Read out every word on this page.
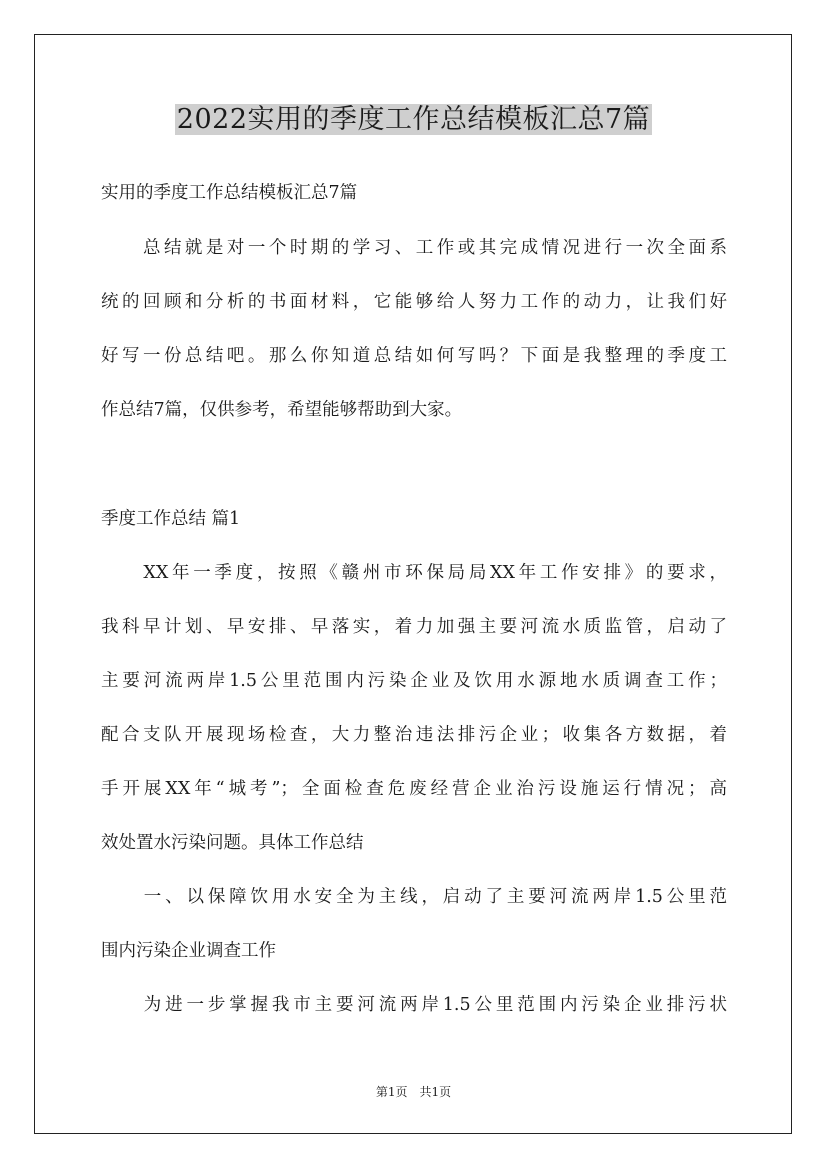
2022实用的季度工作总结模板汇总7篇
实用的季度工作总结模板汇总7篇
　　总结就是对一个时期的学习、工作或其完成情况进行一次全面系
统的回顾和分析的书面材料，它能够给人努力工作的动力，让我们好
好写一份总结吧。那么你知道总结如何写吗？下面是我整理的季度工
作总结7篇，仅供参考，希望能够帮助到大家。
季度工作总结 篇1
　　XX年一季度，按照《赣州市环保局局XX年工作安排》的要求，
我科早计划、早安排、早落实，着力加强主要河流水质监管，启动了
主要河流两岸1.5公里范围内污染企业及饮用水源地水质调查工作；
配合支队开展现场检查，大力整治违法排污企业；收集各方数据，着
手开展XX年“城考”；全面检查危废经营企业治污设施运行情况；高
效处置水污染问题。具体工作总结
　　一、以保障饮用水安全为主线，启动了主要河流两岸1.5公里范
围内污染企业调查工作
　　为进一步掌握我市主要河流两岸1.5公里范围内污染企业排污状
第1页　共1页
